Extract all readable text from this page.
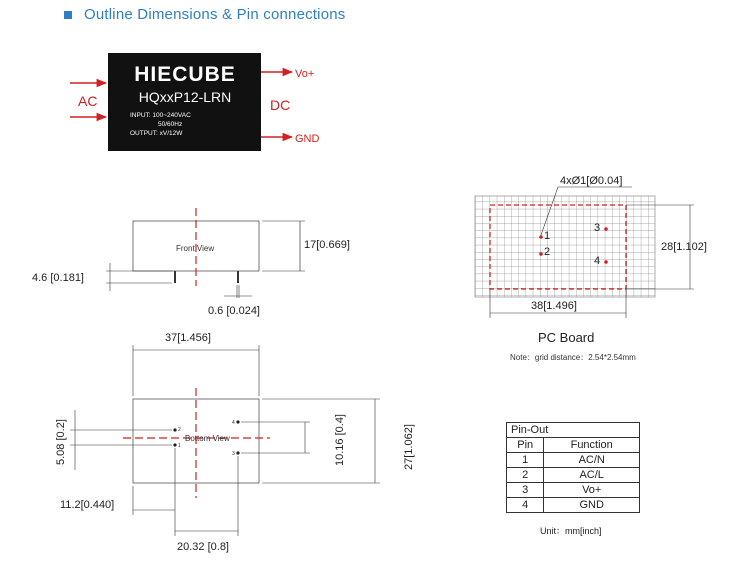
Outline Dimensions & Pin connections
HIECUBE
HQxxP12-LRN
INPUT: 100~240VAC
50/60Hz
OUTPUT: xV/12W
AC
Vo+
GND
DC
Front View	17[0.669]
4.6 [0.181]
0.6 [0.024]
2
1
4
3
Bottom View
37[1.456]
5.08 [0.2]	10.16 [0.4]	27[1.062]
11.2[0.440]
20.32 [0.8]
1
2
3
4
4xØ1[Ø0.04]
28[1.102]
38[1.496]
PC Board
Note：grid distance：2.54*2.54mm
Pin-Out	
Pin	Function
1	AC/N
2	AC/L
3	Vo+
4	GND
Unit：mm[inch]
